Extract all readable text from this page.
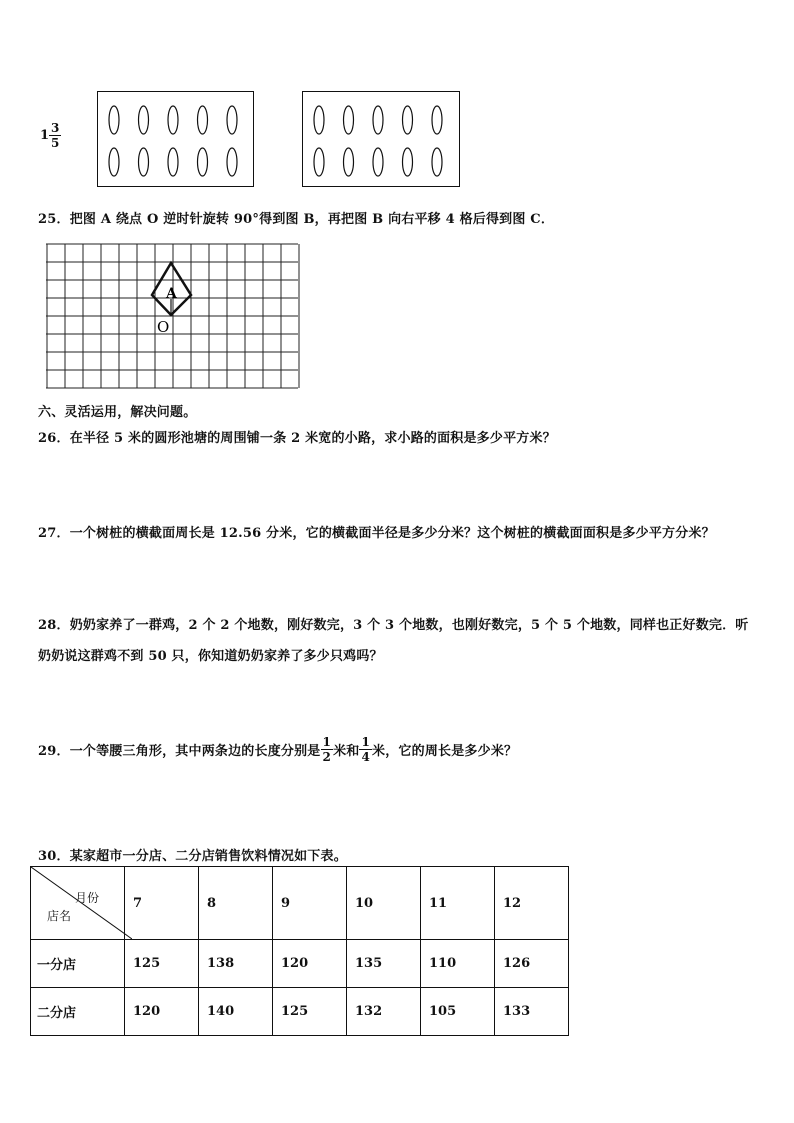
$1 \frac{3}{5}$
25．把图 A 绕点 O 逆时针旋转 90°得到图 B，再把图 B 向右平移 4 格后得到图 C．
A
O
六、灵活运用，解决问题。
26．在半径 5 米的圆形池塘的周围铺一条 2 米宽的小路，求小路的面积是多少平方米？
27．一个树桩的横截面周长是 12.56 分米，它的横截面半径是多少分米？这个树桩的横截面面积是多少平方分米？
28．奶奶家养了一群鸡，2 个 2 个地数，刚好数完，3 个 3 个地数，也刚好数完，5 个 5 个地数，同样也正好数完．听
奶奶说这群鸡不到 50 只，你知道奶奶家养了多少只鸡吗？
29．一个等腰三角形，其中两条边的长度分别是 $\frac{1}{2}$ 米和 $\frac{1}{4}$ 米，它的周长是多少米？
30．某家超市一分店、二分店销售饮料情况如下表。
月份
店名	7	8	9	10	11	12
一分店	125	138	120	135	110	126
二分店	120	140	125	132	105	133
